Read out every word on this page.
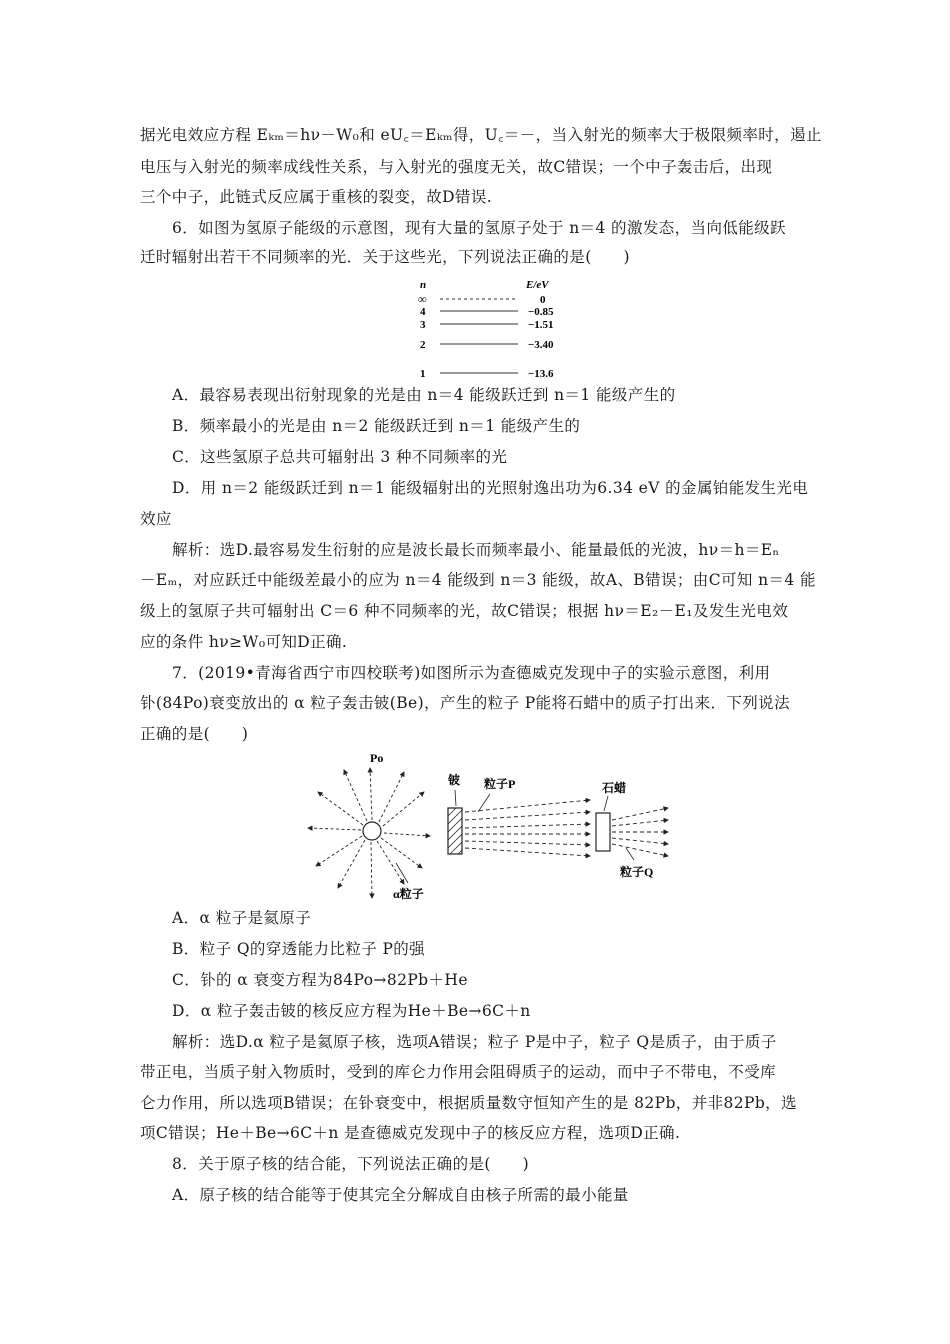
据光电效应方程 Eₖₘ＝hν－W₀和 eU꜀＝Eₖₘ得，U꜀＝－，当入射光的频率大于极限频率时，遏止
电压与入射光的频率成线性关系，与入射光的强度无关，故C错误；一个中子轰击后，出现
三个中子，此链式反应属于重核的裂变，故D错误.
6．如图为氢原子能级的示意图，现有大量的氢原子处于 n＝4 的激发态，当向低能级跃
迁时辐射出若干不同频率的光．关于这些光，下列说法正确的是(　　)
n	E/eV
∞	0
4	−0.85
3	−1.51
2	−3.40
1	−13.6
A．最容易表现出衍射现象的光是由 n＝4 能级跃迁到 n＝1 能级产生的
B．频率最小的光是由 n＝2 能级跃迁到 n＝1 能级产生的
C．这些氢原子总共可辐射出 3 种不同频率的光
D．用 n＝2 能级跃迁到 n＝1 能级辐射出的光照射逸出功为6.34 eV 的金属铂能发生光电
效应
解析：选D.最容易发生衍射的应是波长最长而频率最小、能量最低的光波，hν＝h＝Eₙ
－Eₘ，对应跃迁中能级差最小的应为 n＝4 能级到 n＝3 能级，故A、B错误；由C可知 n＝4 能
级上的氢原子共可辐射出 C＝6 种不同频率的光，故C错误；根据 hν＝E₂－E₁及发生光电效
应的条件 hν≥W₀可知D正确.
7．(2019•青海省西宁市四校联考)如图所示为查德威克发现中子的实验示意图，利用
钋(84Po)衰变放出的 α 粒子轰击铍(Be)，产生的粒子 P能将石蜡中的质子打出来．下列说法
正确的是(　　)
Po
α粒子
铍 粒子P	石蜡
粒子Q
A．α 粒子是氦原子
B．粒子 Q的穿透能力比粒子 P的强
C．钋的 α 衰变方程为84Po→82Pb＋He
D．α 粒子轰击铍的核反应方程为He＋Be→6C＋n
解析：选D.α 粒子是氦原子核，选项A错误；粒子 P是中子，粒子 Q是质子，由于质子
带正电，当质子射入物质时，受到的库仑力作用会阻碍质子的运动，而中子不带电，不受库
仑力作用，所以选项B错误；在钋衰变中，根据质量数守恒知产生的是 82Pb，并非82Pb，选
项C错误；He＋Be→6C＋n 是查德威克发现中子的核反应方程，选项D正确.
8．关于原子核的结合能，下列说法正确的是(　　)
A．原子核的结合能等于使其完全分解成自由核子所需的最小能量
